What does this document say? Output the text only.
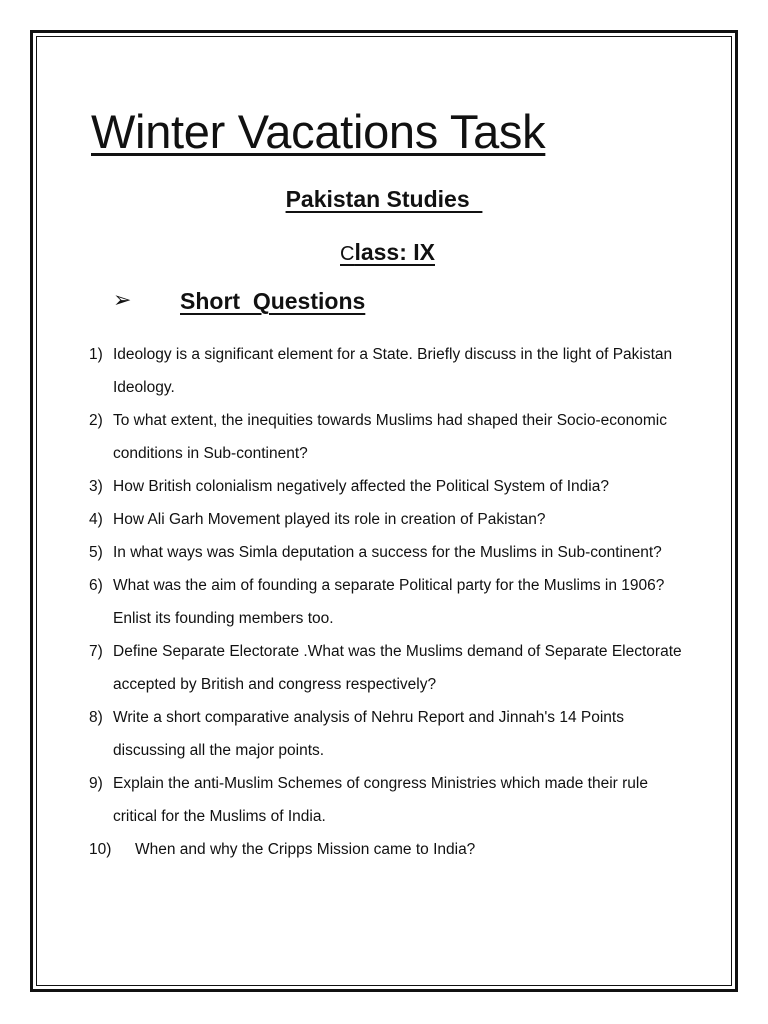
Winter Vacations Task
Pakistan Studies
Class: IX
➢ Short  Questions
1) Ideology is a significant element for a State. Briefly discuss in the light of Pakistan Ideology.
2) To what extent, the inequities towards Muslims had shaped their Socio-economic conditions in Sub-continent?
3) How British colonialism negatively affected the Political System of India?
4) How Ali Garh Movement played its role in creation of Pakistan?
5) In what ways was Simla deputation a success for the Muslims in Sub-continent?
6) What was the aim of founding a separate Political party for the Muslims in 1906? Enlist its founding members too.
7) Define Separate Electorate .What was the Muslims demand of Separate Electorate accepted by British and congress respectively?
8) Write a short comparative analysis of Nehru Report and Jinnah's 14 Points discussing all the major points.
9) Explain the anti-Muslim Schemes of congress Ministries which made their rule critical for the Muslims of India.
10) When and why the Cripps Mission came to India?
